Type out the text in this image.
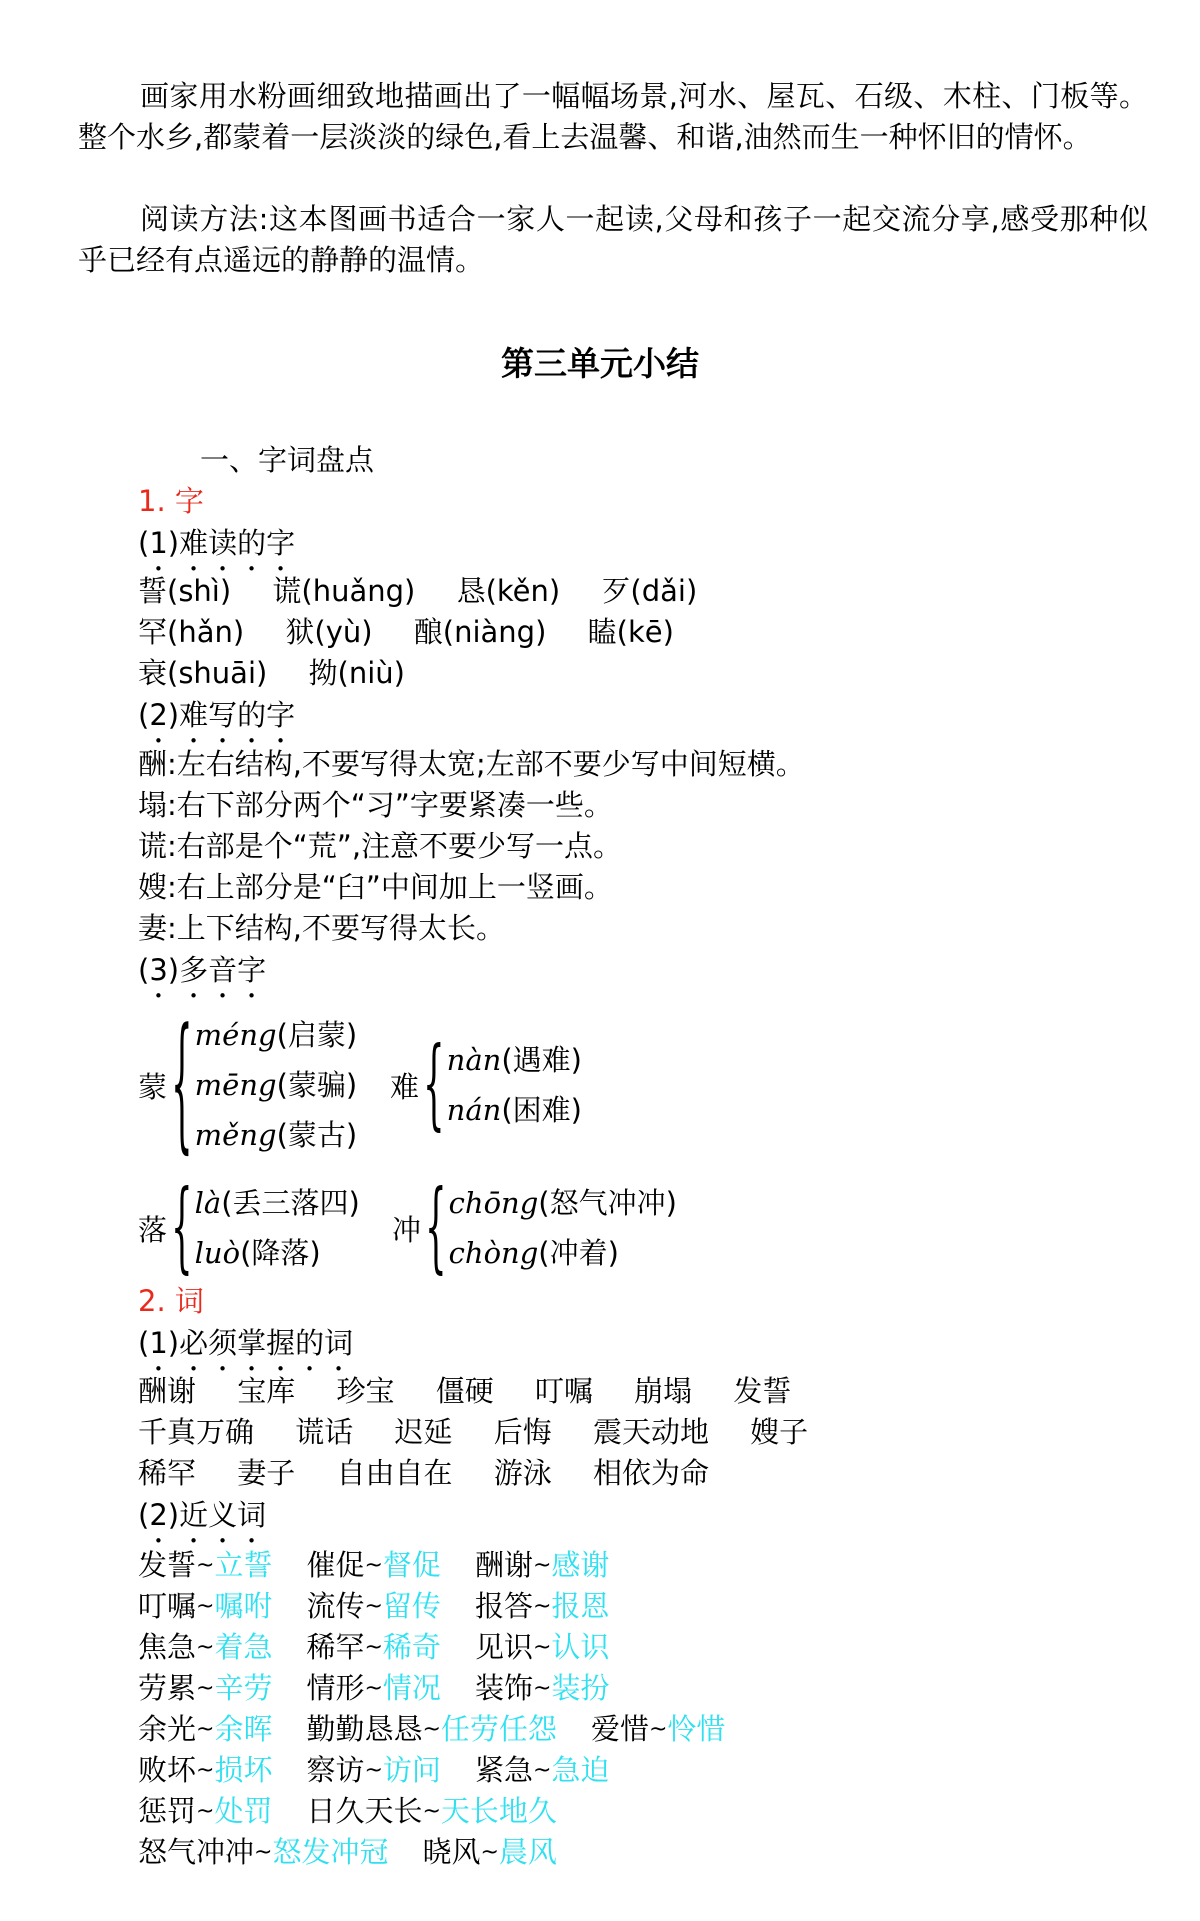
画家用水粉画细致地描画出了一幅幅场景,河水、屋瓦、石级、木柱、门板等。整个水乡,都蒙着一层淡淡的绿色,看上去温馨、和谐,油然而生一种怀旧的情怀。

阅读方法:这本图画书适合一家人一起读,父母和孩子一起交流分享,感受那种似乎已经有点遥远的静静的温情。

第三单元小结
一、字词盘点
1. 字
(1)难读的字
誓(shì) 谎(huǎng) 恳(kěn) 歹(dǎi)
罕(hǎn) 狱(yù) 酿(niàng) 瞌(kē)
衰(shuāi) 拗(niù)
(2)难写的字
酬:左右结构,不要写得太宽;左部不要少写中间短横。
塌:右下部分两个“习”字要紧凑一些。
谎:右部是个“荒”,注意不要少写一点。
嫂:右上部分是“臼”中间加上一竖画。
妻:上下结构,不要写得太长。
(3)多音字
蒙 { méng(启蒙)
mēng(蒙骗)
měng(蒙古)
难 { nàn(遇难)
nán(困难)
落 { là(丢三落四)
luò(降落)
冲 { chōng(怒气冲冲)
chòng(冲着)
2. 词
(1)必须掌握的词
酬谢 宝库 珍宝 僵硬 叮嘱 崩塌 发誓
千真万确 谎话 迟延 后悔 震天动地 嫂子
稀罕 妻子 自由自在 游泳 相依为命
(2)近义词
发誓~立誓 催促~督促 酬谢~感谢
叮嘱~嘱咐 流传~留传 报答~报恩
焦急~着急 稀罕~稀奇 见识~认识
劳累~辛劳 情形~情况 装饰~装扮
余光~余晖 勤勤恳恳~任劳任怨 爱惜~怜惜
败坏~损坏 察访~访问 紧急~急迫
惩罚~处罚 日久天长~天长地久
怒气冲冲~怒发冲冠 晓风~晨风
